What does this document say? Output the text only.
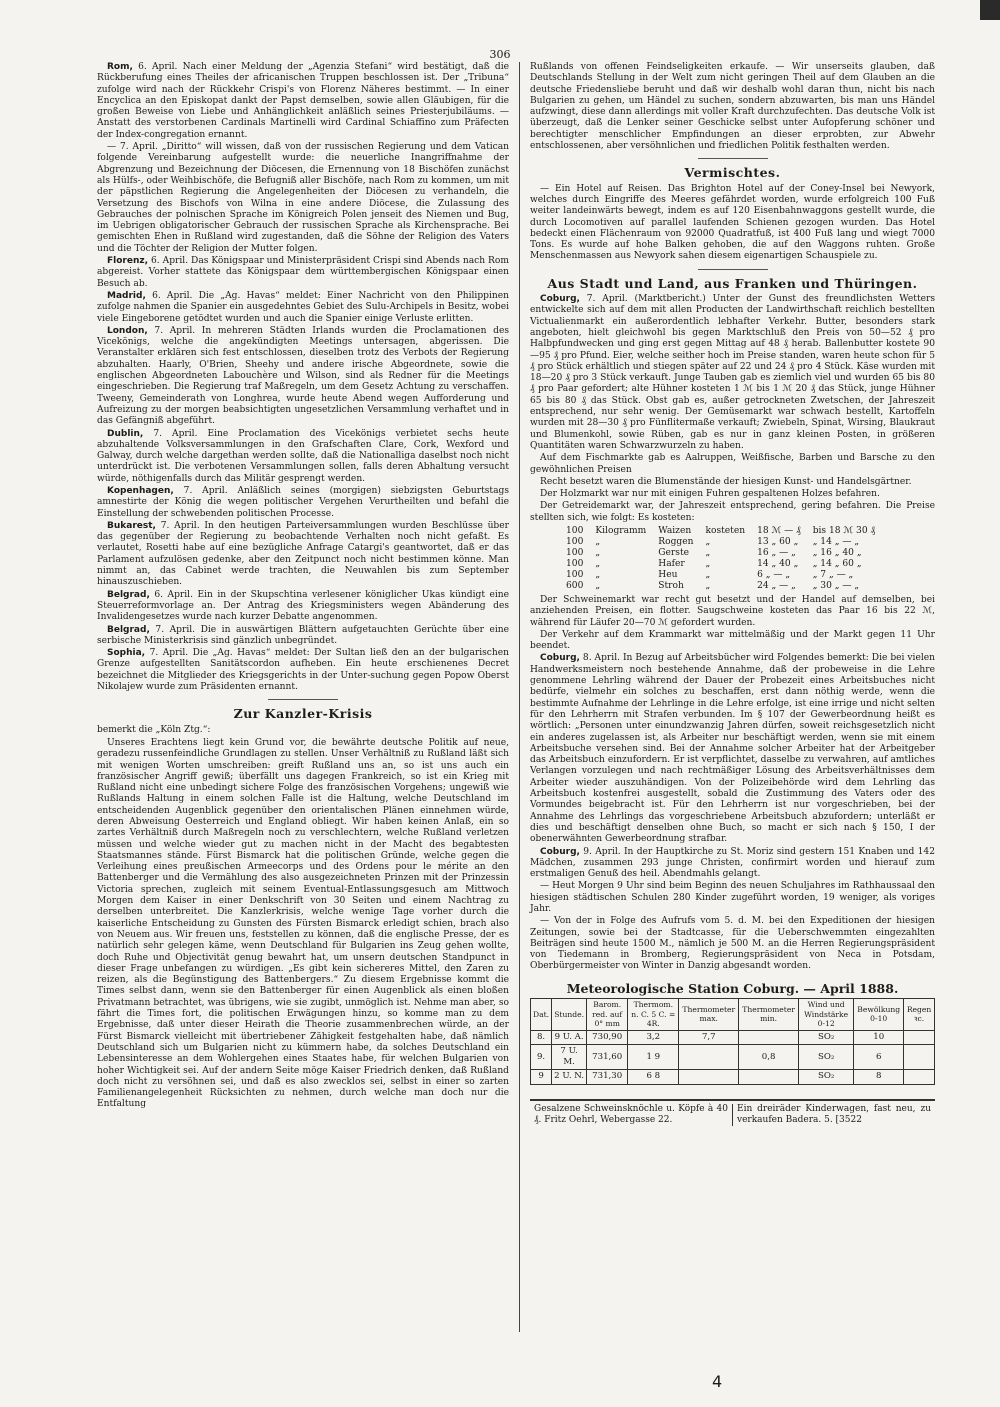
306

Rom, 6. April. Nach einer Meldung der „Agenzia Stefani“ wird bestätigt, daß die Rückberufung eines Theiles der africanischen Truppen beschlossen ist. Der „Tribuna“ zufolge wird nach der Rückkehr Crispi's von Florenz Näheres bestimmt. — In einer Encyclica an den Episkopat dankt der Papst demselben, sowie allen Gläubigen, für die großen Beweise von Liebe und Anhänglichkeit anläßlich seines Priesterjubiläums. — Anstatt des verstorbenen Cardinals Martinelli wird Cardinal Schiaffino zum Präfecten der Index-congregation ernannt.

— 7. April. „Diritto“ will wissen, daß von der russischen Regierung und dem Vatican folgende Vereinbarung aufgestellt wurde: die neuerliche Inangriffnahme der Abgrenzung und Bezeichnung der Diöcesen, die Ernennung von 18 Bischöfen zunächst als Hülfs-, oder Weihbischöfe, die Befugniß aller Bischöfe, nach Rom zu kommen, um mit der päpstlichen Regierung die Angelegenheiten der Diöcesen zu verhandeln, die Versetzung des Bischofs von Wilna in eine andere Diöcese, die Zulassung des Gebrauches der polnischen Sprache im Königreich Polen jenseit des Niemen und Bug, im Uebrigen obligatorischer Gebrauch der russischen Sprache als Kirchensprache. Bei gemischten Ehen in Rußland wird zugestanden, daß die Söhne der Religion des Vaters und die Töchter der Religion der Mutter folgen.

Florenz, 6. April. Das Königspaar und Ministerpräsident Crispi sind Abends nach Rom abgereist. Vorher stattete das Königspaar dem württembergischen Königspaar einen Besuch ab.

Madrid, 6. April. Die „Ag. Havas“ meldet: Einer Nachricht von den Philippinen zufolge nahmen die Spanier ein ausgedehntes Gebiet des Sulu-Archipels in Besitz, wobei viele Eingeborene getödtet wurden und auch die Spanier einige Verluste erlitten.

London, 7. April. In mehreren Städten Irlands wurden die Proclamationen des Vicekönigs, welche die angekündigten Meetings untersagen, abgerissen. Die Veranstalter erklären sich fest entschlossen, dieselben trotz des Verbots der Regierung abzuhalten. Haarly, O'Brien, Sheehy und andere irische Abgeordnete, sowie die englischen Abgeordneten Labouchère und Wilson, sind als Redner für die Meetings eingeschrieben. Die Regierung traf Maßregeln, um dem Gesetz Achtung zu verschaffen. Tweeny, Gemeinderath von Longhrea, wurde heute Abend wegen Aufforderung und Aufreizung zu der morgen beabsichtigten ungesetzlichen Versammlung verhaftet und in das Gefängniß abgeführt.

Dublin, 7. April. Eine Proclamation des Vicekönigs verbietet sechs heute abzuhaltende Volksversammlungen in den Grafschaften Clare, Cork, Wexford und Galway, durch welche dargethan werden sollte, daß die Nationalliga daselbst noch nicht unterdrückt ist. Die verbotenen Versammlungen sollen, falls deren Abhaltung versucht würde, nöthigenfalls durch das Militär gesprengt werden.

Kopenhagen, 7. April. Anläßlich seines (morgigen) siebzigsten Geburtstags amnestirte der König die wegen politischer Vergehen Verurtheilten und befahl die Einstellung der schwebenden politischen Processe.

Bukarest, 7. April. In den heutigen Parteiversammlungen wurden Beschlüsse über das gegenüber der Regierung zu beobachtende Verhalten noch nicht gefaßt. Es verlautet, Rosetti habe auf eine bezügliche Anfrage Catargi's geantwortet, daß er das Parlament aufzulösen gedenke, aber den Zeitpunct noch nicht bestimmen könne. Man nimmt an, das Cabinet werde trachten, die Neuwahlen bis zum September hinauszuschieben.

Belgrad, 6. April. Ein in der Skupschtina verlesener königlicher Ukas kündigt eine Steuerreformvorlage an. Der Antrag des Kriegsministers wegen Abänderung des Invalidengesetzes wurde nach kurzer Debatte angenommen.

Belgrad, 7. April. Die in auswärtigen Blättern aufgetauchten Gerüchte über eine serbische Ministerkrisis sind gänzlich unbegründet.

Sophia, 7. April. Die „Ag. Havas“ meldet: Der Sultan ließ den an der bulgarischen Grenze aufgestellten Sanitätscordon aufheben. Ein heute erschienenes Decret bezeichnet die Mitglieder des Kriegsgerichts in der Unter-suchung gegen Popow Oberst Nikolajew wurde zum Präsidenten ernannt.

Zur Kanzler-Krisis
bemerkt die „Köln Ztg.“:

Unseres Erachtens liegt kein Grund vor, die bewährte deutsche Politik auf neue, geradezu russenfeindliche Grundlagen zu stellen. Unser Verhältniß zu Rußland läßt sich mit wenigen Worten umschreiben: greift Rußland uns an, so ist uns auch ein französischer Angriff gewiß; überfällt uns dagegen Frankreich, so ist ein Krieg mit Rußland nicht eine unbedingt sichere Folge des französischen Vorgehens; ungewiß wie Rußlands Haltung in einem solchen Falle ist die Haltung, welche Deutschland im entscheidenden Augenblick gegenüber den orientalischen Plänen einnehmen würde, deren Abweisung Oesterreich und England obliegt. Wir haben keinen Anlaß, ein so zartes Verhältniß durch Maßregeln noch zu verschlechtern, welche Rußland verletzen müssen und welche wieder gut zu machen nicht in der Macht des begabtesten Staatsmannes stände. Fürst Bismarck hat die politischen Gründe, welche gegen die Verleihung eines preußischen Armeecorps und des Ordens pour le mérite an den Battenberger und die Vermählung des also ausgezeichneten Prinzen mit der Prinzessin Victoria sprechen, zugleich mit seinem Eventual-Entlassungsgesuch am Mittwoch Morgen dem Kaiser in einer Denkschrift von 30 Seiten und einem Nachtrag zu derselben unterbreitet. Die Kanzlerkrisis, welche wenige Tage vorher durch die kaiserliche Entscheidung zu Gunsten des Fürsten Bismarck erledigt schien, brach also von Neuem aus. Wir freuen uns, feststellen zu können, daß die englische Presse, der es natürlich sehr gelegen käme, wenn Deutschland für Bulgarien ins Zeug gehen wollte, doch Ruhe und Objectivität genug bewahrt hat, um unsern deutschen Standpunct in dieser Frage unbefangen zu würdigen. „Es gibt kein sichereres Mittel, den Zaren zu reizen, als die Begünstigung des Battenbergers.“ Zu diesem Ergebnisse kommt die Times selbst dann, wenn sie den Battenberger für einen Augenblick als einen bloßen Privatmann betrachtet, was übrigens, wie sie zugibt, unmöglich ist. Nehme man aber, so fährt die Times fort, die politischen Erwägungen hinzu, so komme man zu dem Ergebnisse, daß unter dieser Heirath die Theorie zusammenbrechen würde, an der Fürst Bismarck vielleicht mit übertriebener Zähigkeit festgehalten habe, daß nämlich Deutschland sich um Bulgarien nicht zu kümmern habe, da solches Deutschland ein Lebensinteresse an dem Wohlergehen eines Staates habe, für welchen Bulgarien von hoher Wichtigkeit sei. Auf der andern Seite möge Kaiser Friedrich denken, daß Rußland doch nicht zu versöhnen sei, und daß es also zwecklos sei, selbst in einer so zarten Familienangelegenheit Rücksichten zu nehmen, durch welche man doch nur die Entfaltung

Rußlands von offenen Feindseligkeiten erkaufe. — Wir unserseits glauben, daß Deutschlands Stellung in der Welt zum nicht geringen Theil auf dem Glauben an die deutsche Friedensliebe beruht und daß wir deshalb wohl daran thun, nicht bis nach Bulgarien zu gehen, um Händel zu suchen, sondern abzuwarten, bis man uns Händel aufzwingt, diese dann allerdings mit voller Kraft durchzufechten. Das deutsche Volk ist überzeugt, daß die Lenker seiner Geschicke selbst unter Aufopferung schöner und berechtigter menschlicher Empfindungen an dieser erprobten, zur Abwehr entschlossenen, aber versöhnlichen und friedlichen Politik festhalten werden.

Vermischtes.

— Ein Hotel auf Reisen. Das Brighton Hotel auf der Coney-Insel bei Newyork, welches durch Eingriffe des Meeres gefährdet worden, wurde erfolgreich 100 Fuß weiter landeinwärts bewegt, indem es auf 120 Eisenbahnwaggons gestellt wurde, die durch Locomotiven auf parallel laufenden Schienen gezogen wurden. Das Hotel bedeckt einen Flächenraum von 92000 Quadratfuß, ist 400 Fuß lang und wiegt 7000 Tons. Es wurde auf hohe Balken gehoben, die auf den Waggons ruhten. Große Menschenmassen aus Newyork sahen diesem eigenartigen Schauspiele zu.

Aus Stadt und Land, aus Franken und Thüringen.

Coburg, 7. April. (Marktbericht.) Unter der Gunst des freundlichsten Wetters entwickelte sich auf dem mit allen Producten der Landwirthschaft reichlich bestellten Victualienmarkt ein außerordentlich lebhafter Verkehr. Butter, besonders stark angeboten, hielt gleichwohl bis gegen Marktschluß den Preis von 50—52 ₰ pro Halbpfundwecken und ging erst gegen Mittag auf 48 ₰ herab. Ballenbutter kostete 90—95 ₰ pro Pfund. Eier, welche seither hoch im Preise standen, waren heute schon für 5 ₰ pro Stück erhältlich und stiegen später auf 22 und 24 ₰ pro 4 Stück. Käse wurden mit 18—20 ₰ pro 3 Stück verkauft. Junge Tauben gab es ziemlich viel und wurden 65 bis 80 ₰ pro Paar gefordert; alte Hühner kosteten 1 ℳ bis 1 ℳ 20 ₰ das Stück, junge Hühner 65 bis 80 ₰ das Stück. Obst gab es, außer getrockneten Zwetschen, der Jahreszeit entsprechend, nur sehr wenig. Der Gemüsemarkt war schwach bestellt, Kartoffeln wurden mit 28—30 ₰ pro Fünfliterm​aße verkauft; Zwiebeln, Spinat, Wirsing, Blaukraut und Blumenkohl, sowie Rüben, gab es nur in ganz kleinen Posten, in größeren Quantitäten waren Schwarzwurzeln zu haben.

Auf dem Fischmarkte gab es Aalruppen, Weißfische, Barben und Barsche zu den gewöhnlichen Preisen

Recht besetzt waren die Blumenstände der hiesigen Kunst- und Handelsgärtner.

Der Holzmarkt war nur mit einigen Fuhren gespaltenen Holzes befahren.

Der Getreidemarkt war, der Jahreszeit entsprechend, gering befahren. Die Preise stellten sich, wie folgt: Es kosteten:

100	Kilogramm	Waizen	kosteten	18 ℳ — ₰	bis 18 ℳ 30 ₰
100	„	Roggen	„	13 „ 60 „	„ 14 „ — „
100	„	Gerste	„	16 „ — „	„ 16 „ 40 „
100	„	Hafer	„	14 „ 40 „	„ 14 „ 60 „
100	„	Heu	„	6 „ — „	„ 7 „ — „
600	„	Stroh	„	24 „ — „	„ 30 „ — „

Der Schweinemarkt war recht gut besetzt und der Handel auf demselben, bei anziehenden Preisen, ein flotter. Saugschweine kosteten das Paar 16 bis 22 ℳ, während für Läufer 20—70 ℳ gefordert wurden.

Der Verkehr auf dem Krammarkt war mittelmäßig und der Markt gegen 11 Uhr beendet.

Coburg, 8. April. In Bezug auf Arbeitsbücher wird Folgendes bemerkt: Die bei vielen Handwerksmeistern noch bestehende Annahme, daß der probeweise in die Lehre genommene Lehrling während der Dauer der Probezeit eines Arbeitsbuches nicht bedürfe, vielmehr ein solches zu beschaffen, erst dann nöthig werde, wenn die bestimmte Aufnahme der Lehrlinge in die Lehre erfolge, ist eine irrige und nicht selten für den Lehrherrn mit Strafen verbunden. Im § 107 der Gewerbeordnung heißt es wörtlich: „Personen unter einundzwanzig Jahren dürfen, soweit reichsgesetzlich nicht ein anderes zugelassen ist, als Arbeiter nur beschäftigt werden, wenn sie mit einem Arbeitsbuche versehen sind. Bei der Annahme solcher Arbeiter hat der Arbeitgeber das Arbeitsbuch einzufordern. Er ist verpflichtet, dasselbe zu verwahren, auf amtliches Verlangen vorzulegen und nach rechtmäßiger Lösung des Arbeitsverhältnisses dem Arbeiter wieder auszuhändigen. Von der Polizeibehörde wird dem Lehrling das Arbeitsbuch kostenfrei ausgestellt, sobald die Zustimmung des Vaters oder des Vormundes beigebracht ist. Für den Lehrherrn ist nur vorgeschrieben, bei der Annahme des Lehrlings das vorgeschriebene Arbeitsbuch abzufordern; unterläßt er dies und beschäftigt denselben ohne Buch, so macht er sich nach § 150, I der obenerwähnten Gewerbeordnung strafbar.

Coburg, 9. April. In der Hauptkirche zu St. Moriz sind gestern 151 Knaben und 142 Mädchen, zusammen 293 junge Christen, confirmirt worden und hierauf zum erstmaligen Genuß des heil. Abendmahls gelangt.

— Heut Morgen 9 Uhr sind beim Beginn des neuen Schuljahres im Rathhaussaal den hiesigen städtischen Schulen 280 Kinder zugeführt worden, 19 weniger, als voriges Jahr.

— Von der in Folge des Aufrufs vom 5. d. M. bei den Expeditionen der hiesigen Zeitungen, sowie bei der Stadtcasse, für die Ueberschwemmten eingezahlten Beiträgen sind heute 1500 M., nämlich je 500 M. an die Herren Regierungspräsident von Tiedemann in Bromberg, Regierungspräsident von Neca in Potsdam, Oberbürgermeister von Winter in Danzig abgesandt worden.

Meteorologische Station Coburg. — April 1888.
Dat.	Stunde.	Barom. red. auf 0° mm	Thermom. n. C. 5 C. = 4R.	Thermometer max.	Thermometer min.	Wind und Windstärke 0-12	Bewölkung 0-10	Regen ꝛc.
8.	9 U. A.	730,90	3,2	7,7		SO₂	10	
9.	7 U. M.	731,60	1 9		0,8	SO₂	6	
9	2 U. N.	731,30	6 8			SO₂	8	
Gesalzene Schweinsknöchle u. Köpfe à 40 ₰. Fritz Oehrl, Webergasse 22.
Ein dreiräder Kinderwagen, fast neu, zu verkaufen Badera. 5. [3522
4
